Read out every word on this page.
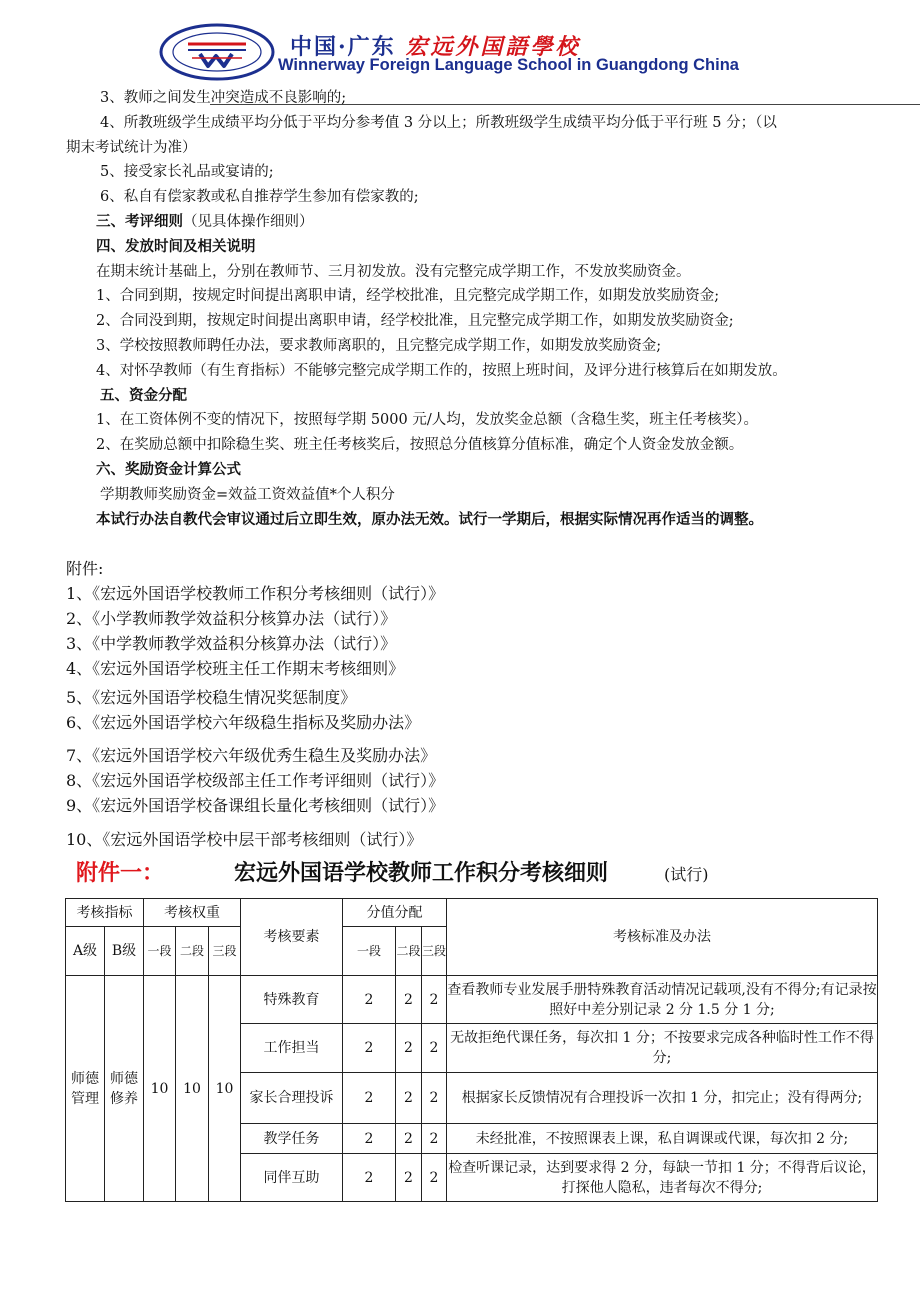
中国·广东 宏远外国語學校
Winnerway Foreign Language School in Guangdong China
3、教师之间发生冲突造成不良影响的;
4、所教班级学生成绩平均分低于平均分参考值 3 分以上；所教班级学生成绩平均分低于平行班 5 分；（以
期末考试统计为准）
5、接受家长礼品或宴请的;
6、私自有偿家教或私自推荐学生参加有偿家教的;
三、考评细则（见具体操作细则）
四、发放时间及相关说明
在期末统计基础上，分别在教师节、三月初发放。没有完整完成学期工作，不发放奖励资金。
1、合同到期，按规定时间提出离职申请，经学校批准，且完整完成学期工作，如期发放奖励资金;
2、合同没到期，按规定时间提出离职申请，经学校批准，且完整完成学期工作，如期发放奖励资金;
3、学校按照教师聘任办法，要求教师离职的，且完整完成学期工作，如期发放奖励资金;
4、对怀孕教师（有生育指标）不能够完整完成学期工作的，按照上班时间，及评分进行核算后在如期发放。
五、资金分配
1、在工资体例不变的情况下，按照每学期 5000 元/人均，发放奖金总额（含稳生奖，班主任考核奖）。
2、在奖励总额中扣除稳生奖、班主任考核奖后，按照总分值核算分值标准，确定个人资金发放金额。
六、奖励资金计算公式
学期教师奖励资金=效益工资效益值*个人积分
本试行办法自教代会审议通过后立即生效，原办法无效。试行一学期后，根据实际情况再作适当的调整。
附件:
1、《宏远外国语学校教师工作积分考核细则（试行）》
2、《小学教师教学效益积分核算办法（试行）》
3、《中学教师教学效益积分核算办法（试行）》
4、《宏远外国语学校班主任工作期末考核细则》
5、《宏远外国语学校稳生情况奖惩制度》
6、《宏远外国语学校六年级稳生指标及奖励办法》
7、《宏远外国语学校六年级优秀生稳生及奖励办法》
8、《宏远外国语学校级部主任工作考评细则（试行）》
9、《宏远外国语学校备课组长量化考核细则（试行）》
10、《宏远外国语学校中层干部考核细则（试行）》
附件一：	宏远外国语学校教师工作积分考核细则	(试行)
考核指标		考核权重			考核要素	分值分配			考核标准及办法
A级	B级	一段	二段	三段		一段	二段	三段	
师德管理	师德修养	10	10	10	特殊教育	2	2	2	查看教师专业发展手册特殊教育活动情况记载项,没有不得分;有记录按照好中差分别记录 2 分 1.5 分 1 分;
					工作担当	2	2	2	无故拒绝代课任务，每次扣 1 分；不按要求完成各种临时性工作不得分;
					家长合理投诉	2	2	2	根据家长反馈情况有合理投诉一次扣 1 分，扣完止；没有得两分;
					教学任务	2	2	2	未经批准，不按照课表上课，私自调课或代课，每次扣 2 分;
					同伴互助	2	2	2	检查听课记录，达到要求得 2 分，每缺一节扣 1 分；不得背后议论，打探他人隐私，违者每次不得分;
